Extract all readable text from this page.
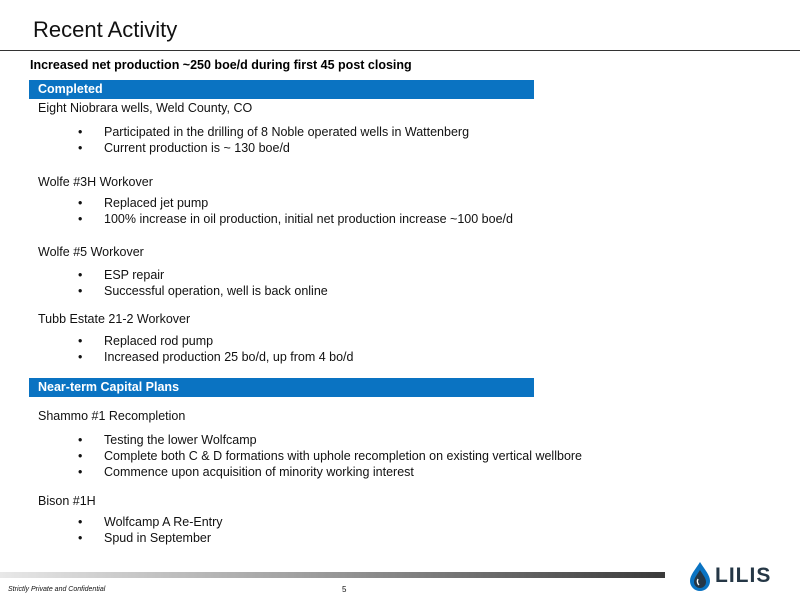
Recent Activity
Increased net production ~250 boe/d during first 45 post closing
Completed
Eight Niobrara wells, Weld County, CO
• Participated in the drilling of 8 Noble operated wells in Wattenberg
• Current production is ~ 130 boe/d
Wolfe #3H Workover
• Replaced jet pump
• 100% increase in oil production, initial net production increase ~100 boe/d
Wolfe #5 Workover
• ESP repair
• Successful operation, well is back online
Tubb Estate 21-2 Workover
• Replaced rod pump
• Increased production 25 bo/d, up from 4 bo/d
Near-term Capital Plans
Shammo #1 Recompletion
• Testing the lower Wolfcamp
• Complete both C & D formations with uphole recompletion on existing vertical wellbore
• Commence upon acquisition of minority working interest
Bison #1H
• Wolfcamp A Re-Entry
• Spud in September
Strictly Private and Confidential	5
LILIS
